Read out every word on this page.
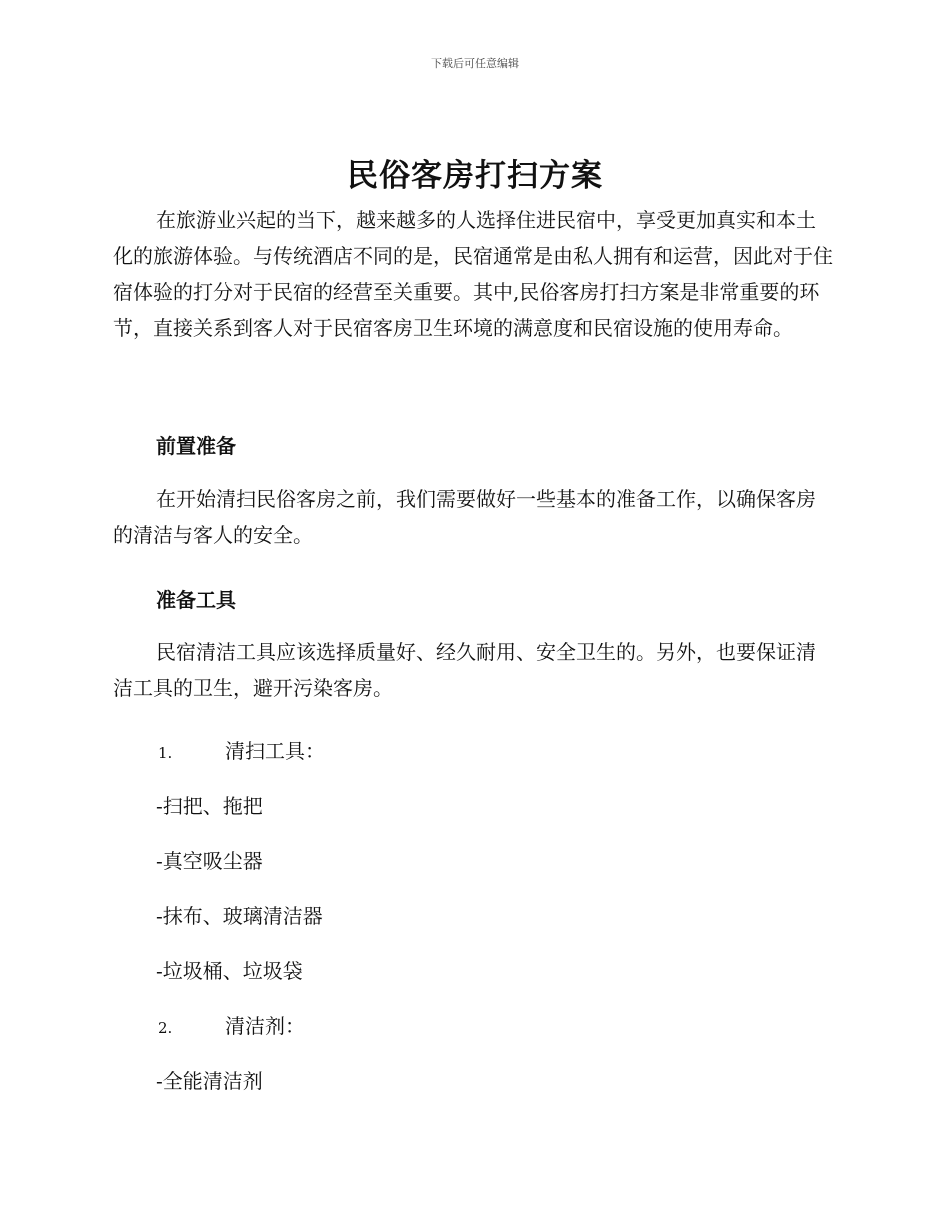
下载后可任意编辑
民俗客房打扫方案

在旅游业兴起的当下，越来越多的人选择住进民宿中，享受更加真实和本土化的旅游体验。与传统酒店不同的是，民宿通常是由私人拥有和运营，因此对于住宿体验的打分对于民宿的经营至关重要。其中,民俗客房打扫方案是非常重要的环节，直接关系到客人对于民宿客房卫生环境的满意度和民宿设施的使用寿命。

前置准备

在开始清扫民俗客房之前，我们需要做好一些基本的准备工作，以确保客房的清洁与客人的安全。

准备工具

民宿清洁工具应该选择质量好、经久耐用、安全卫生的。另外，也要保证清洁工具的卫生，避开污染客房。

1.	清扫工具：
-扫把、拖把
-真空吸尘器
-抹布、玻璃清洁器
-垃圾桶、垃圾袋
2.	清洁剂：
-全能清洁剂
